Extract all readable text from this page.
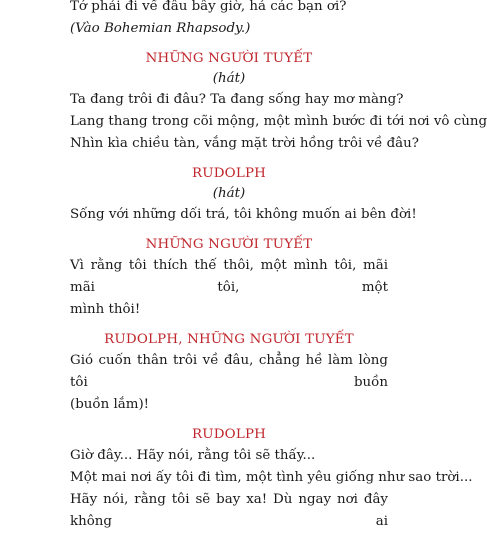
Tớ phải đi về đâu bây giờ, hả các bạn ơi?
(Vào Bohemian Rhapsody.)
NHỮNG NGƯỜI TUYẾT
(hát)
Ta đang trôi đi đâu? Ta đang sống hay mơ màng?
Lang thang trong cõi mộng, một mình bước đi tới nơi vô cùng
Nhìn kìa chiều tàn, vắng mặt trời hồng trôi về đâu?
RUDOLPH
(hát)
Sống với những dối trá, tôi không muốn ai bên đời!
NHỮNG NGƯỜI TUYẾT
Vì rằng tôi thích thế thôi, một mình tôi, mãi mãi tôi, một
mình thôi!
RUDOLPH, NHỮNG NGƯỜI TUYẾT
Gió cuốn thân trôi về đâu, chẳng hề làm lòng tôi buồn
(buồn lắm)!
RUDOLPH
Giờ đây... Hãy nói, rằng tôi sẽ thấy...
Một mai nơi ấy tôi đi tìm, một tình yêu giống như sao trời...
Hãy nói, rằng tôi sẽ bay xa! Dù ngay nơi đây không ai
